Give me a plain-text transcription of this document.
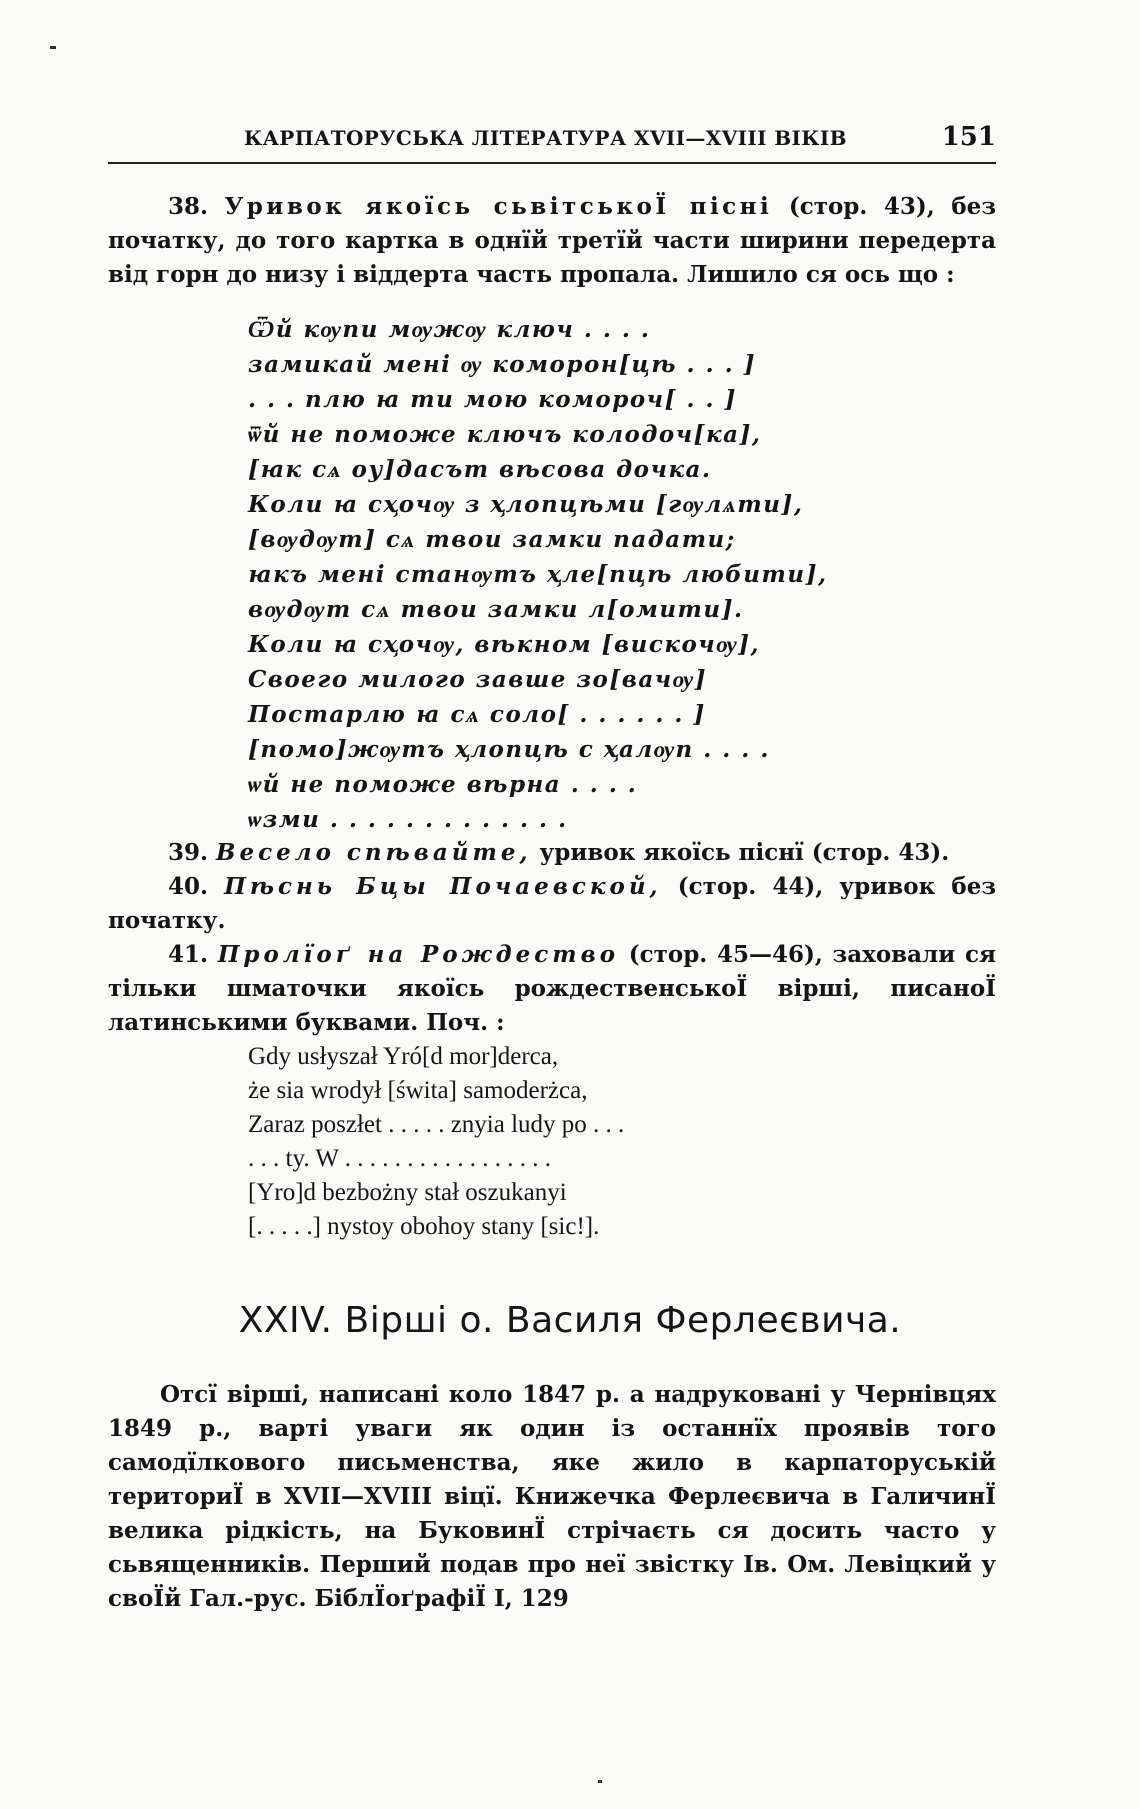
КАРПАТОРУСЬКА ЛІТЕРАТУРА XVII—XVIII ВІКІВ	151
38. Уривок якоїсь сьвітськоЇ пісні (стор. 43), без початку, до того картка в однїй третїй части ширини передерта від горн до низу і віддерта часть пропала. Лишило ся ось що :
Ѿй кѹпи мѹжѹ ключ . . . .
замикай мені ѹ коморон[цѣ . . . ]
. . . плю ꙗ ти мою комороч[ . . ]
ѿй не поможе ключъ колодоч[ка],
[ꙗк сѧ оу]дасът вѣсова дочка.
Коли ꙗ сҳочѹ з ҳлопцѣми [гѹлѧти],
[вѹдѹт] сѧ твои замки падати;
ꙗкъ мені станѹтъ ҳле[пцѣ любити],
вѹдѹт сѧ твои замки л[омити].
Коли ꙗ сҳочѹ, вѣкном [вискочѹ],
Своего милого завше зо[вачѹ]
Постарлю ꙗ сѧ соло[ . . . . . . ]
[помо]жѹтъ ҳлопцѣ с ҳалѹп . . . .
ѡй не поможе вѣрна . . . .
ѡзми . . . . . . . . . . . . .
39. Весело спѣвайте, уривок якоїсь піснї (стор. 43).
40. Пѣснь Бцы Почаевской, (стор. 44), уривок без початку.
41. Пролїоґ на Рождество (стор. 45—46), заховали ся тільки шматочки якоїсь рождественськоЇ вірші, писаноЇ латинськими буквами. Поч. :
Gdy usłyszał Yró[d mor]derca,
że sia wrodył [świta] samoderżca,
Zaraz poszłet . . . . . znyia ludy po . . .
. . . ty. W . . . . . . . . . . . . . . . . .
[Yro]d bezbożny stał oszukanyi
[. . . . .] nystoy obohoy stany [sic!].
XXIV. Вірші о. Василя Ферлеєвича.
Отсї вірші, написані коло 1847 р. а надруковані у Чернівцях 1849 р., варті уваги як один із останнїх проявів того самодїлкового письменства, яке жило в карпаторуській териториЇ в XVII—XVIII віцї. Книжечка Ферлеєвича в ГаличинЇ велика рідкість, на БуковинЇ стрічаєть ся досить часто у сьвященників. Перший подав про неї звістку Ів. Ом. Левіцкий у своЇй Гал.-рус. БіблЇоґрафіЇ I, 129
